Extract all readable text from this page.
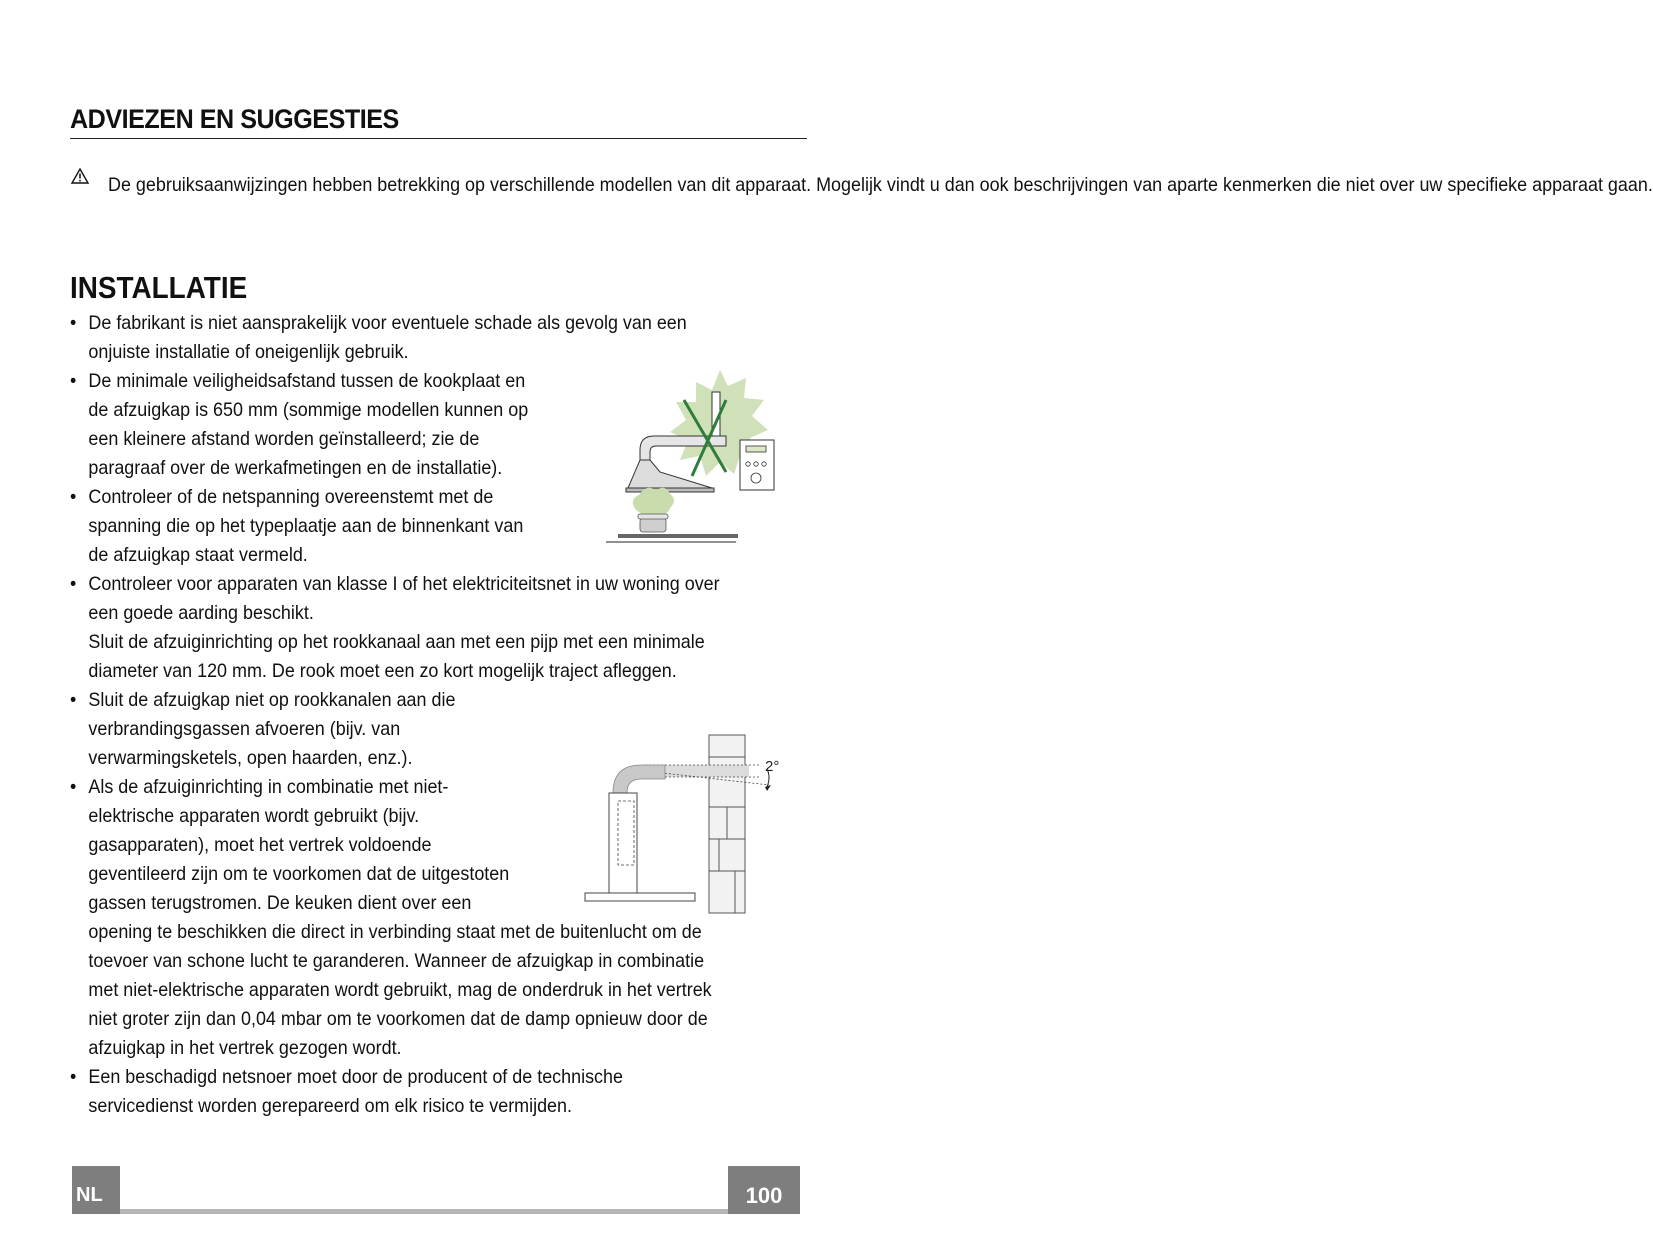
ADVIEZEN EN SUGGESTIES
De gebruiksaanwijzingen hebben betrekking op verschillende modellen van dit apparaat. Mogelijk vindt u dan ook beschrijvingen van aparte kenmerken die niet over uw specifieke apparaat gaan.
INSTALLATIE
• De fabrikant is niet aansprakelijk voor eventuele schade als gevolg van een
onjuiste installatie of oneigenlijk gebruik.
• De minimale veiligheidsafstand tussen de kookplaat en
de afzuigkap is 650 mm (sommige modellen kunnen op
een kleinere afstand worden geïnstalleerd; zie de
paragraaf over de werkafmetingen en de installatie).
• Controleer of de netspanning overeenstemt met de
spanning die op het typeplaatje aan de binnenkant van
de afzuigkap staat vermeld.
• Controleer voor apparaten van klasse I of het elektriciteitsnet in uw woning over
een goede aarding beschikt.
Sluit de afzuiginrichting op het rookkanaal aan met een pijp met een minimale
diameter van 120 mm. De rook moet een zo kort mogelijk traject afleggen.
• Sluit de afzuigkap niet op rookkanalen aan die
verbrandingsgassen afvoeren (bijv. van
verwarmingsketels, open haarden, enz.).
• Als de afzuiginrichting in combinatie met niet-
elektrische apparaten wordt gebruikt (bijv.
gasapparaten), moet het vertrek voldoende
geventileerd zijn om te voorkomen dat de uitgestoten
gassen terugstromen. De keuken dient over een
opening te beschikken die direct in verbinding staat met de buitenlucht om de
toevoer van schone lucht te garanderen. Wanneer de afzuigkap in combinatie
met niet-elektrische apparaten wordt gebruikt, mag de onderdruk in het vertrek
niet groter zijn dan 0,04 mbar om te voorkomen dat de damp opnieuw door de
afzuigkap in het vertrek gezogen wordt.
• Een beschadigd netsnoer moet door de producent of de technische
servicedienst worden gerepareerd om elk risico te vermijden.
2°
NL	100
